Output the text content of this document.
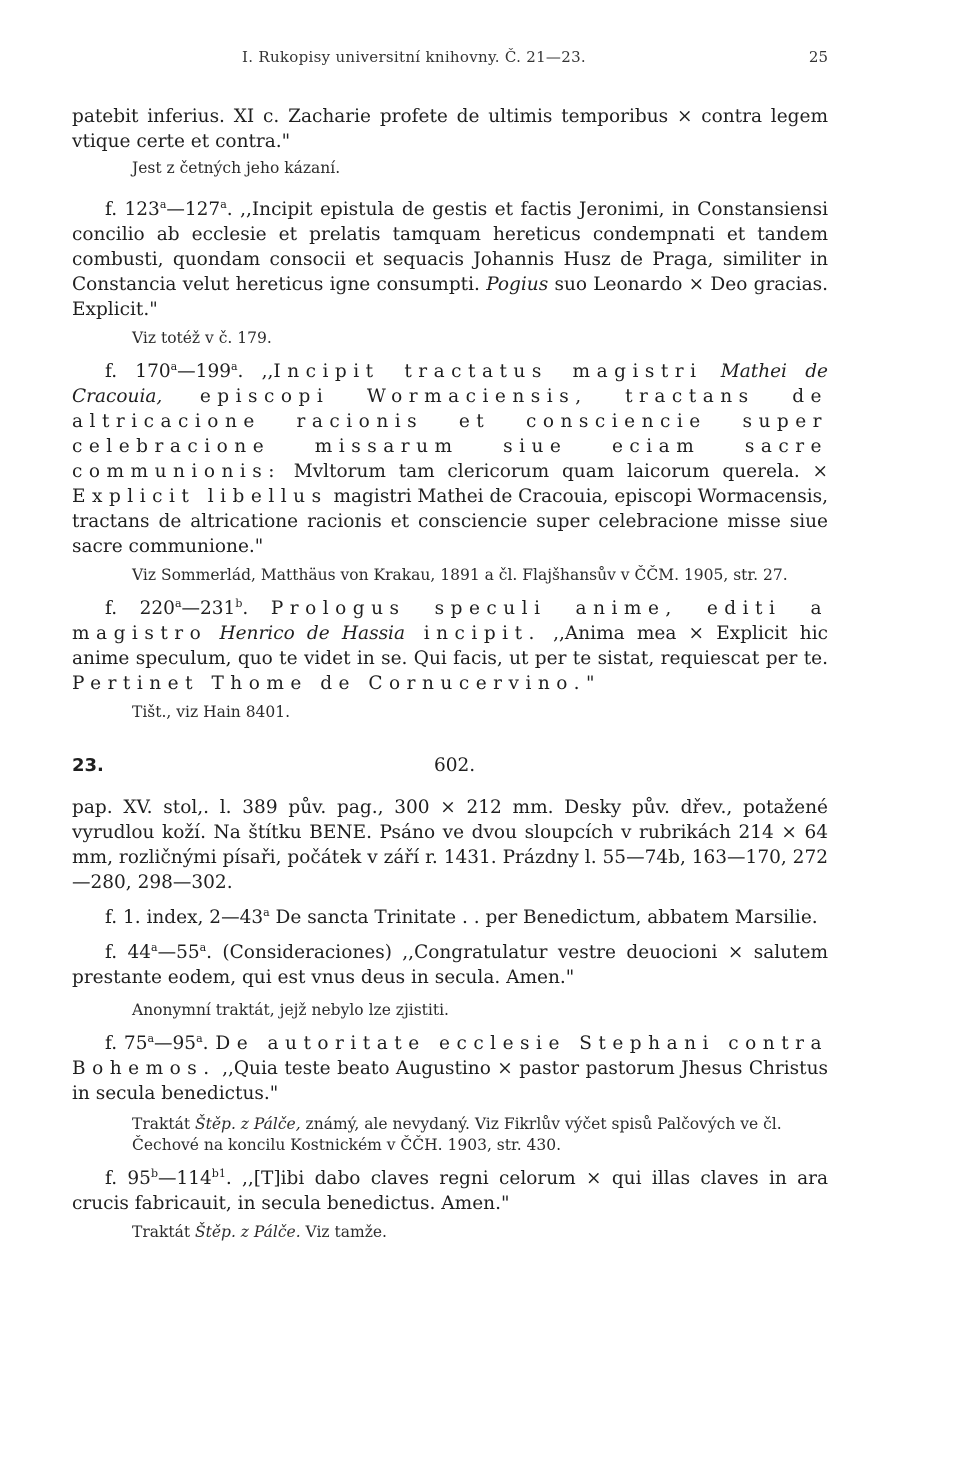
I. Rukopisy universitní knihovny. Č. 21—23.	25

patebit inferius. XI c. Zacharie profete de ultimis temporibus × contra legem vtique certe et contra."

Jest z četných jeho kázaní.

f. 123$^a$—127$^a$. ,,Incipit epistula de gestis et factis Jeronimi, in Constansiensi concilio ab ecclesie et prelatis tamquam hereticus condempnati et tandem combusti, quondam consocii et sequacis Johannis Husz de Praga, similiter in Constancia velut hereticus igne consumpti. Pogius suo Leonardo × Deo gracias. Explicit."

Viz totéž v č. 179.

f. 170$^a$—199$^a$. ,,Incipit tractatus magistri Mathei de Cracouia, episcopi Wormaciensis, tractans de altricacione racionis et consciencie super celebracione missarum siue eciam sacre communionis: Mvltorum tam clericorum quam laicorum querela. × Explicit libellus magistri Mathei de Cracouia, episcopi Wormacensis, tractans de altricatione racionis et consciencie super celebracione misse siue sacre communione."

Viz Sommerlád, Matthäus von Krakau, 1891 a čl. Flajšhansův v ČČM. 1905, str. 27.

f. 220$^a$—231$^b$. Prologus speculi anime, editi a magistro Henrico de Hassia incipit. ,,Anima mea × Explicit hic anime speculum, quo te videt in se. Qui facis, ut per te sistat, requiescat per te. Pertinet Thome de Cornucervino."

Tišt., viz Hain 8401.

23.	602.

pap. XV. stol,. l. 389 pův. pag., 300 × 212 mm. Desky pův. dřev., potažené vyrudlou koží. Na štítku BENE. Psáno ve dvou sloupcích v rubrikách 214 × 64 mm, rozličnými písaři, počátek v září r. 1431. Prázdny l. 55—74b, 163—170, 272—280, 298—302.

f. 1. index, 2—43$^a$ De sancta Trinitate . . per Benedictum, abbatem Marsilie.

f. 44$^a$—55$^a$. (Consideraciones) ,,Congratulatur vestre deuocioni × salutem prestante eodem, qui est vnus deus in secula. Amen."

Anonymní traktát, jejž nebylo lze zjistiti.

f. 75$^a$—95$^a$. De autoritate ecclesie Stephani contra Bohemos. ,,Quia teste beato Augustino × pastor pastorum Jhesus Christus in secula benedictus."

Traktát Štěp. z Pálče, známý, ale nevydaný. Viz Fikrlův výčet spisů Palčových ve čl. Čechové na koncilu Kostnickém v ČČH. 1903, str. 430.

f. $95^b—114^{b1}$. ,,[T]ibi dabo claves regni celorum × qui illas claves in ara crucis fabricauit, in secula benedictus. Amen."

Traktát Štěp. z Pálče. Viz tamže.
